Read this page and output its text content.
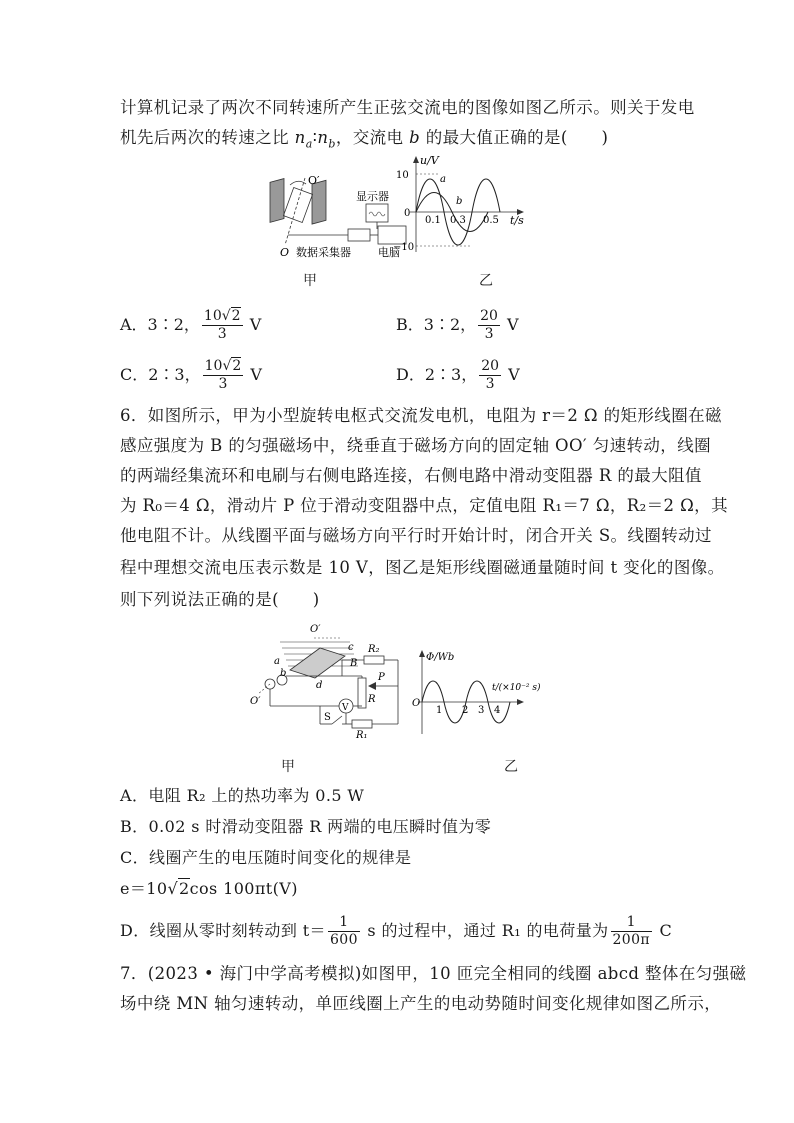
计算机记录了两次不同转速所产生正弦交流电的图像如图乙所示。则关于发电
机先后两次的转速之比 $n_a∶n_b$，交流电 b 的最大值正确的是(　　)
O′
O
显示器
数据采集器 电脑
u/V
t/s
10
0
−10
0.1 0.3 0.5
a
b
甲	乙
A．3∶2， $\frac{10√2}{3}$ V	B．3∶2， $\frac{20}{3}$ V
C．2∶3， $\frac{10√2}{3}$ V	D．2∶3， $\frac{20}{3}$ V
6．如图所示，甲为小型旋转电枢式交流发电机，电阻为 r＝2 Ω 的矩形线圈在磁
感应强度为 B 的匀强磁场中，绕垂直于磁场方向的固定轴 OO′ 匀速转动，线圈
的两端经集流环和电刷与右侧电路连接，右侧电路中滑动变阻器 R 的最大阻值
为 R₀＝4 Ω，滑动片 P 位于滑动变阻器中点，定值电阻 R₁＝7 Ω，R₂＝2 Ω，其
他电阻不计。从线圈平面与磁场方向平行时开始计时，闭合开关 S。线圈转动过
程中理想交流电压表示数是 10 V，图乙是矩形线圈磁通量随时间 t 变化的图像。
则下列说法正确的是(　　)
O′
a
b
c
d
B
O′
R₂
P
R
V
S
R₁
Φ/Wb
t/(×10⁻² s)
O
1 2 3 4
甲	乙
A．电阻 R₂ 上的热功率为 0.5 W
B．0.02 s 时滑动变阻器 R 两端的电压瞬时值为零
C．线圈产生的电压随时间变化的规律是
e＝10√2cos 100πt(V)
D．线圈从零时刻转动到 $t= \frac{1}{600}$ s 的过程中，通过 R₁ 的电荷量为 $\frac{1}{200\pi}$ C
7．(2023 • 海门中学高考模拟)如图甲，10 匝完全相同的线圈 abcd 整体在匀强磁
场中绕 MN 轴匀速转动，单匝线圈上产生的电动势随时间变化规律如图乙所示，
